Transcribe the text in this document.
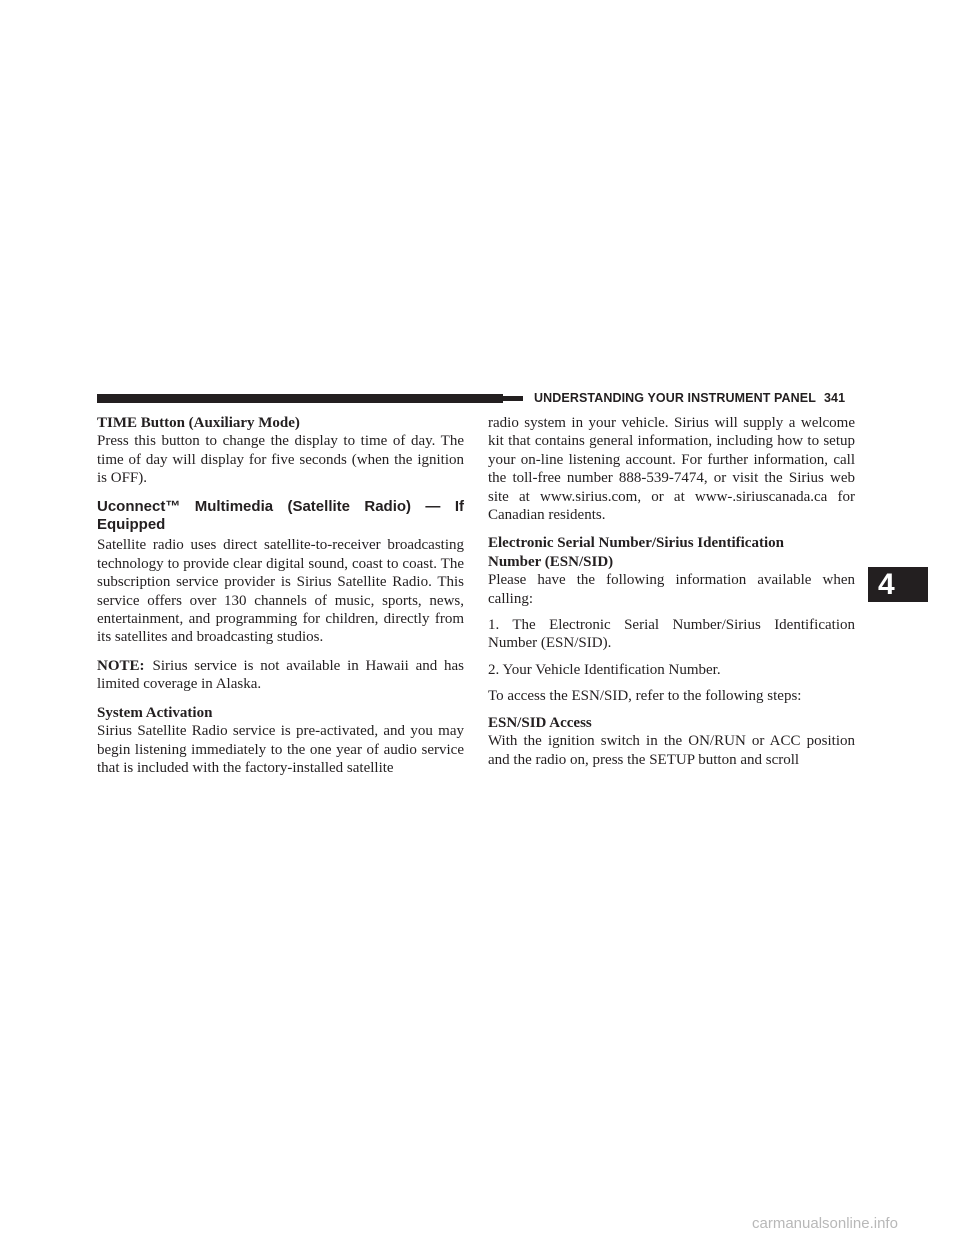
UNDERSTANDING YOUR INSTRUMENT PANEL 341

TIME Button (Auxiliary Mode)

Press this button to change the display to time of day. The time of day will display for five seconds (when the ignition is OFF).

Uconnect™ Multimedia (Satellite Radio) — If Equipped

Satellite radio uses direct satellite-to-receiver broadcasting technology to provide clear digital sound, coast to coast. The subscription service provider is Sirius Satellite Radio. This service offers over 130 channels of music, sports, news, entertainment, and programming for children, directly from its satellites and broadcasting studios.

NOTE: Sirius service is not available in Hawaii and has limited coverage in Alaska.

System Activation

Sirius Satellite Radio service is pre-activated, and you may begin listening immediately to the one year of audio service that is included with the factory-installed satellite

radio system in your vehicle. Sirius will supply a welcome kit that contains general information, including how to setup your on-line listening account. For further information, call the toll-free number 888-539-7474, or visit the Sirius web site at www.sirius.com, or at www-.siriuscanada.ca for Canadian residents.

Electronic Serial Number/Sirius Identification Number (ESN/SID)

Please have the following information available when calling:

1. The Electronic Serial Number/Sirius Identification Number (ESN/SID).

2. Your Vehicle Identification Number.

To access the ESN/SID, refer to the following steps:

ESN/SID Access

With the ignition switch in the ON/RUN or ACC position and the radio on, press the SETUP button and scroll

4
carmanualsonline.info
